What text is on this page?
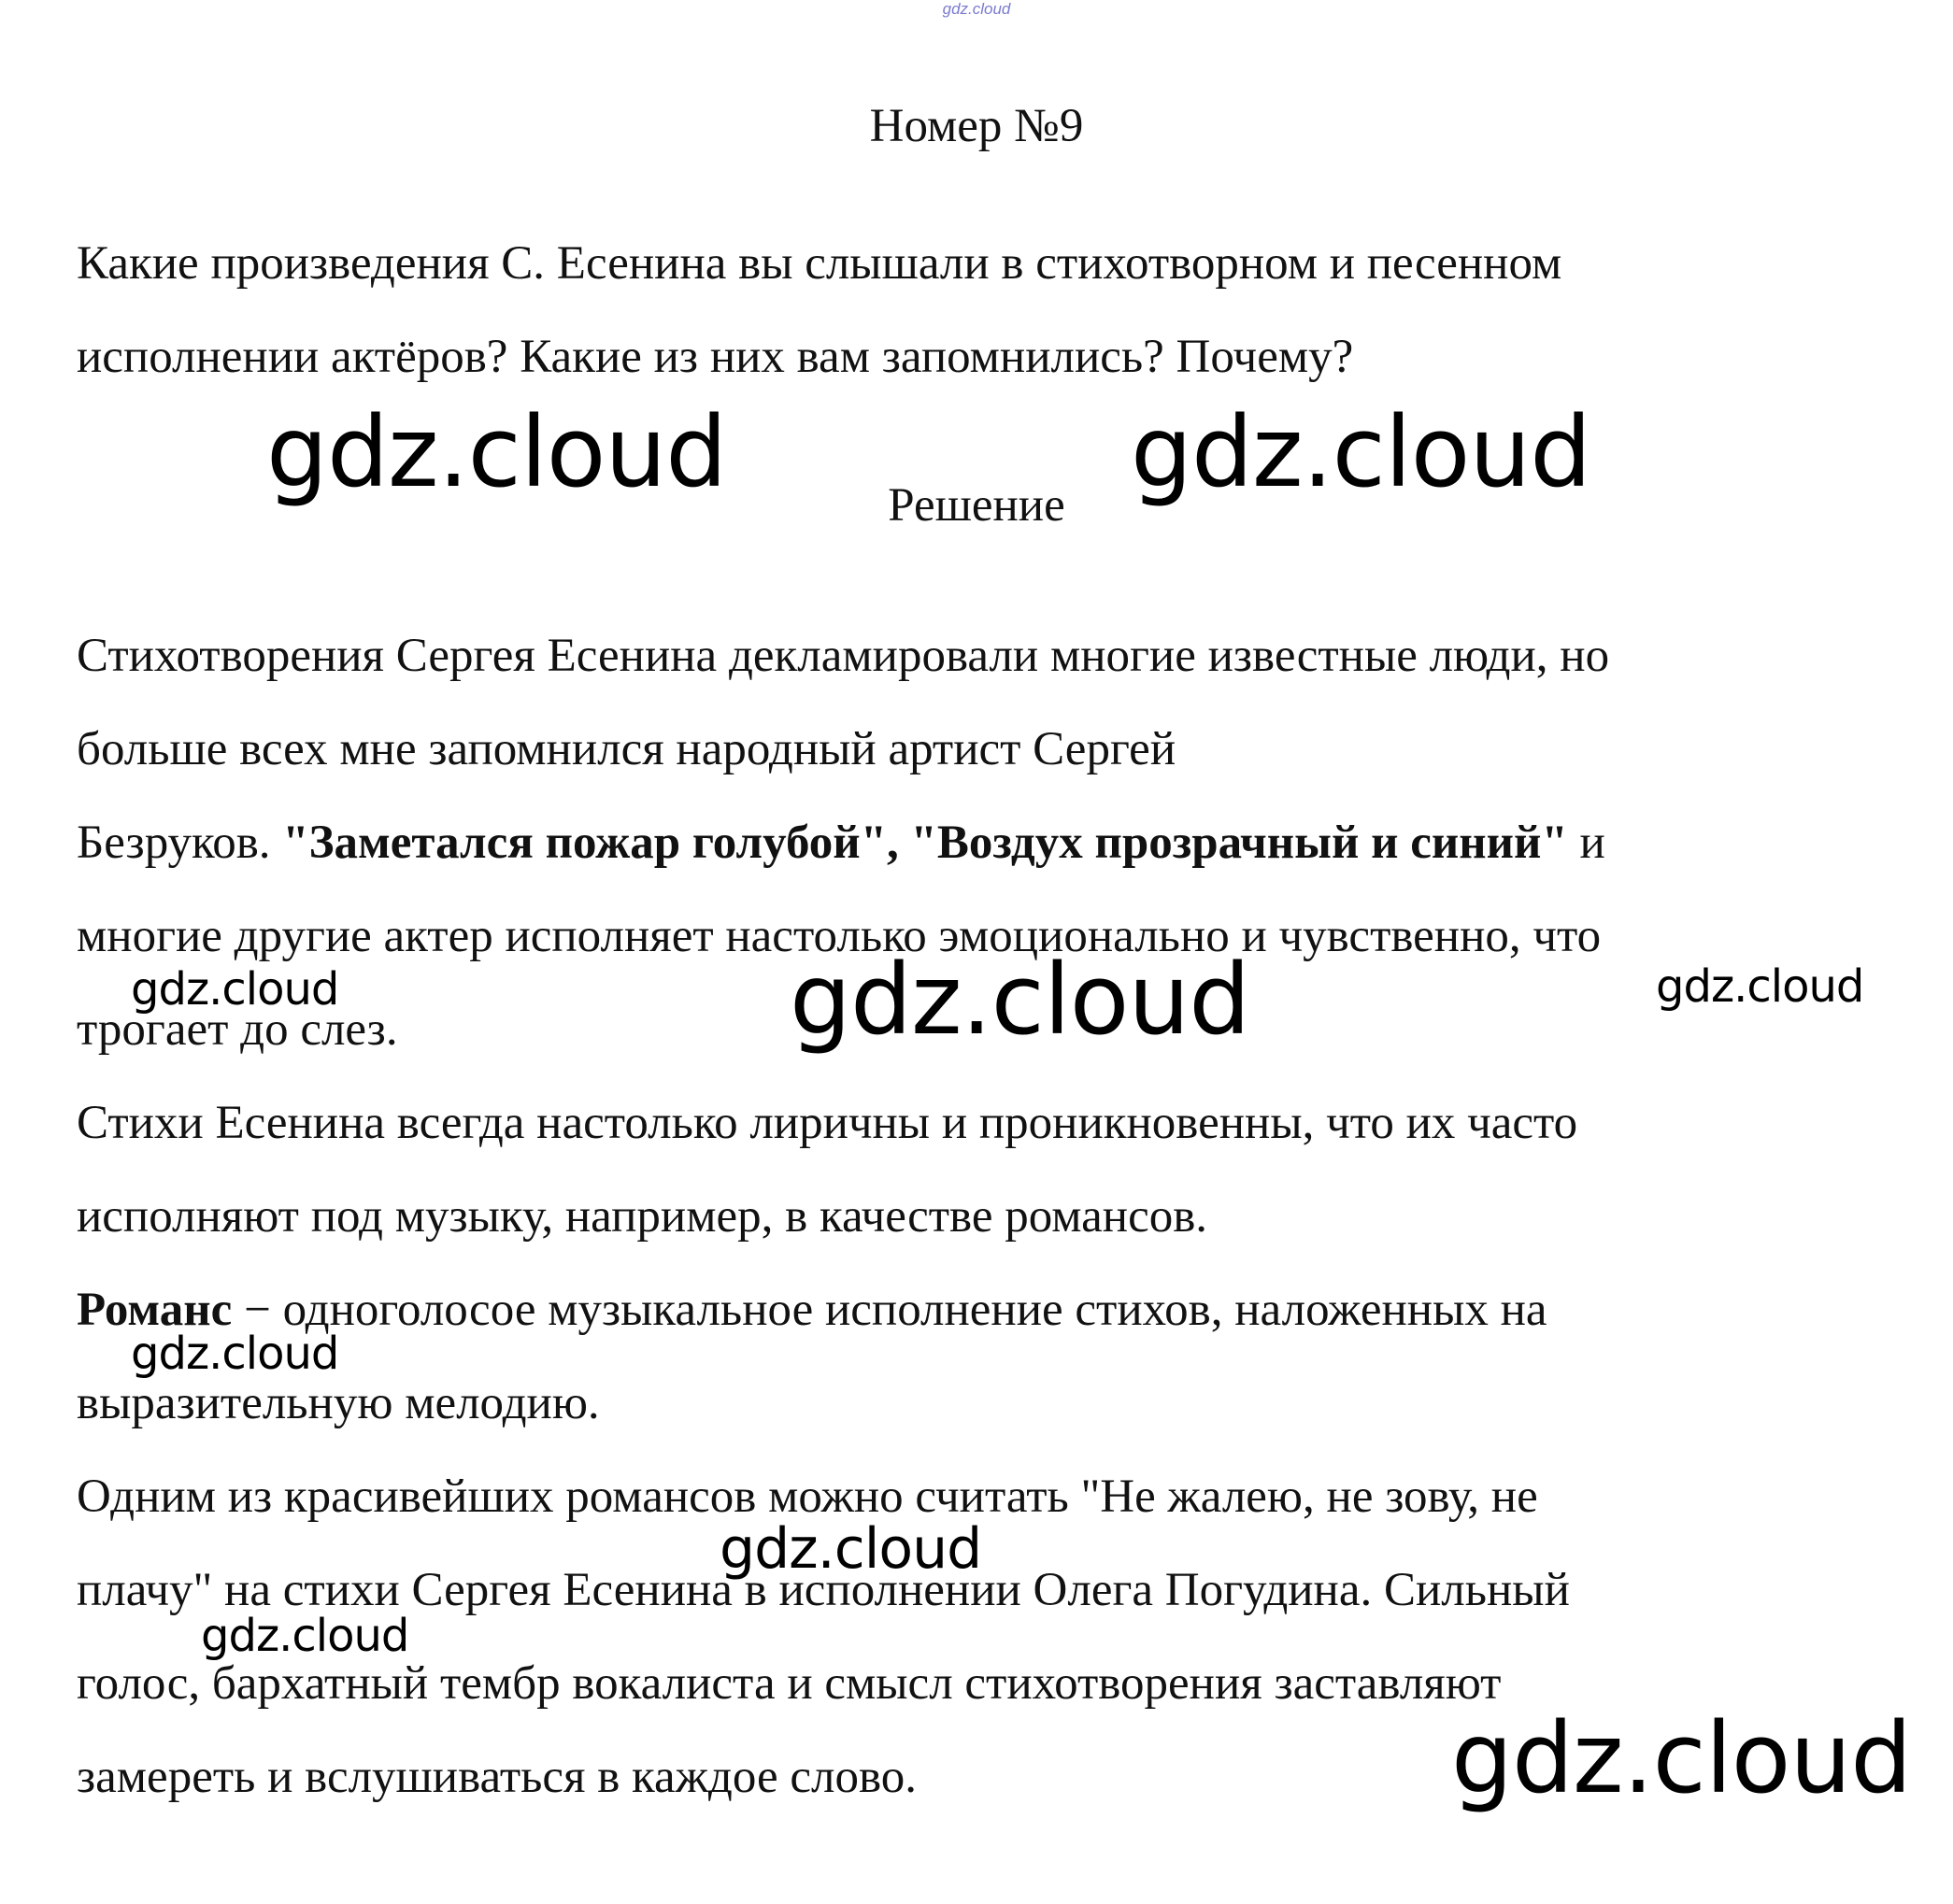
gdz.cloud
Номер №9
Какие произведения С. Есенина вы слышали в стихотворном и песенном
исполнении актёров? Какие из них вам запомнились? Почему?
Решение
Стихотворения Сергея Есенина декламировали многие известные люди, но
больше всех мне запомнился народный артист Сергей
Безруков. "Заметался пожар голубой", "Воздух прозрачный и синий" и
многие другие актер исполняет настолько эмоционально и чувственно, что
трогает до слез.
Стихи Есенина всегда настолько лиричны и проникновенны, что их часто
исполняют под музыку, например, в качестве романсов.
Романс − одноголосое музыкальное исполнение стихов, наложенных на
выразительную мелодию.
Одним из красивейших романсов можно считать "Не жалею, не зову, не
плачу" на стихи Сергея Есенина в исполнении Олега Погудина. Сильный
голос, бархатный тембр вокалиста и смысл стихотворения заставляют
замереть и вслушиваться в каждое слово.
gdz.cloud	gdz.cloud
gdz.cloud	gdz.cloud	gdz.cloud
gdz.cloud
gdz.cloud
gdz.cloud
gdz.cloud
